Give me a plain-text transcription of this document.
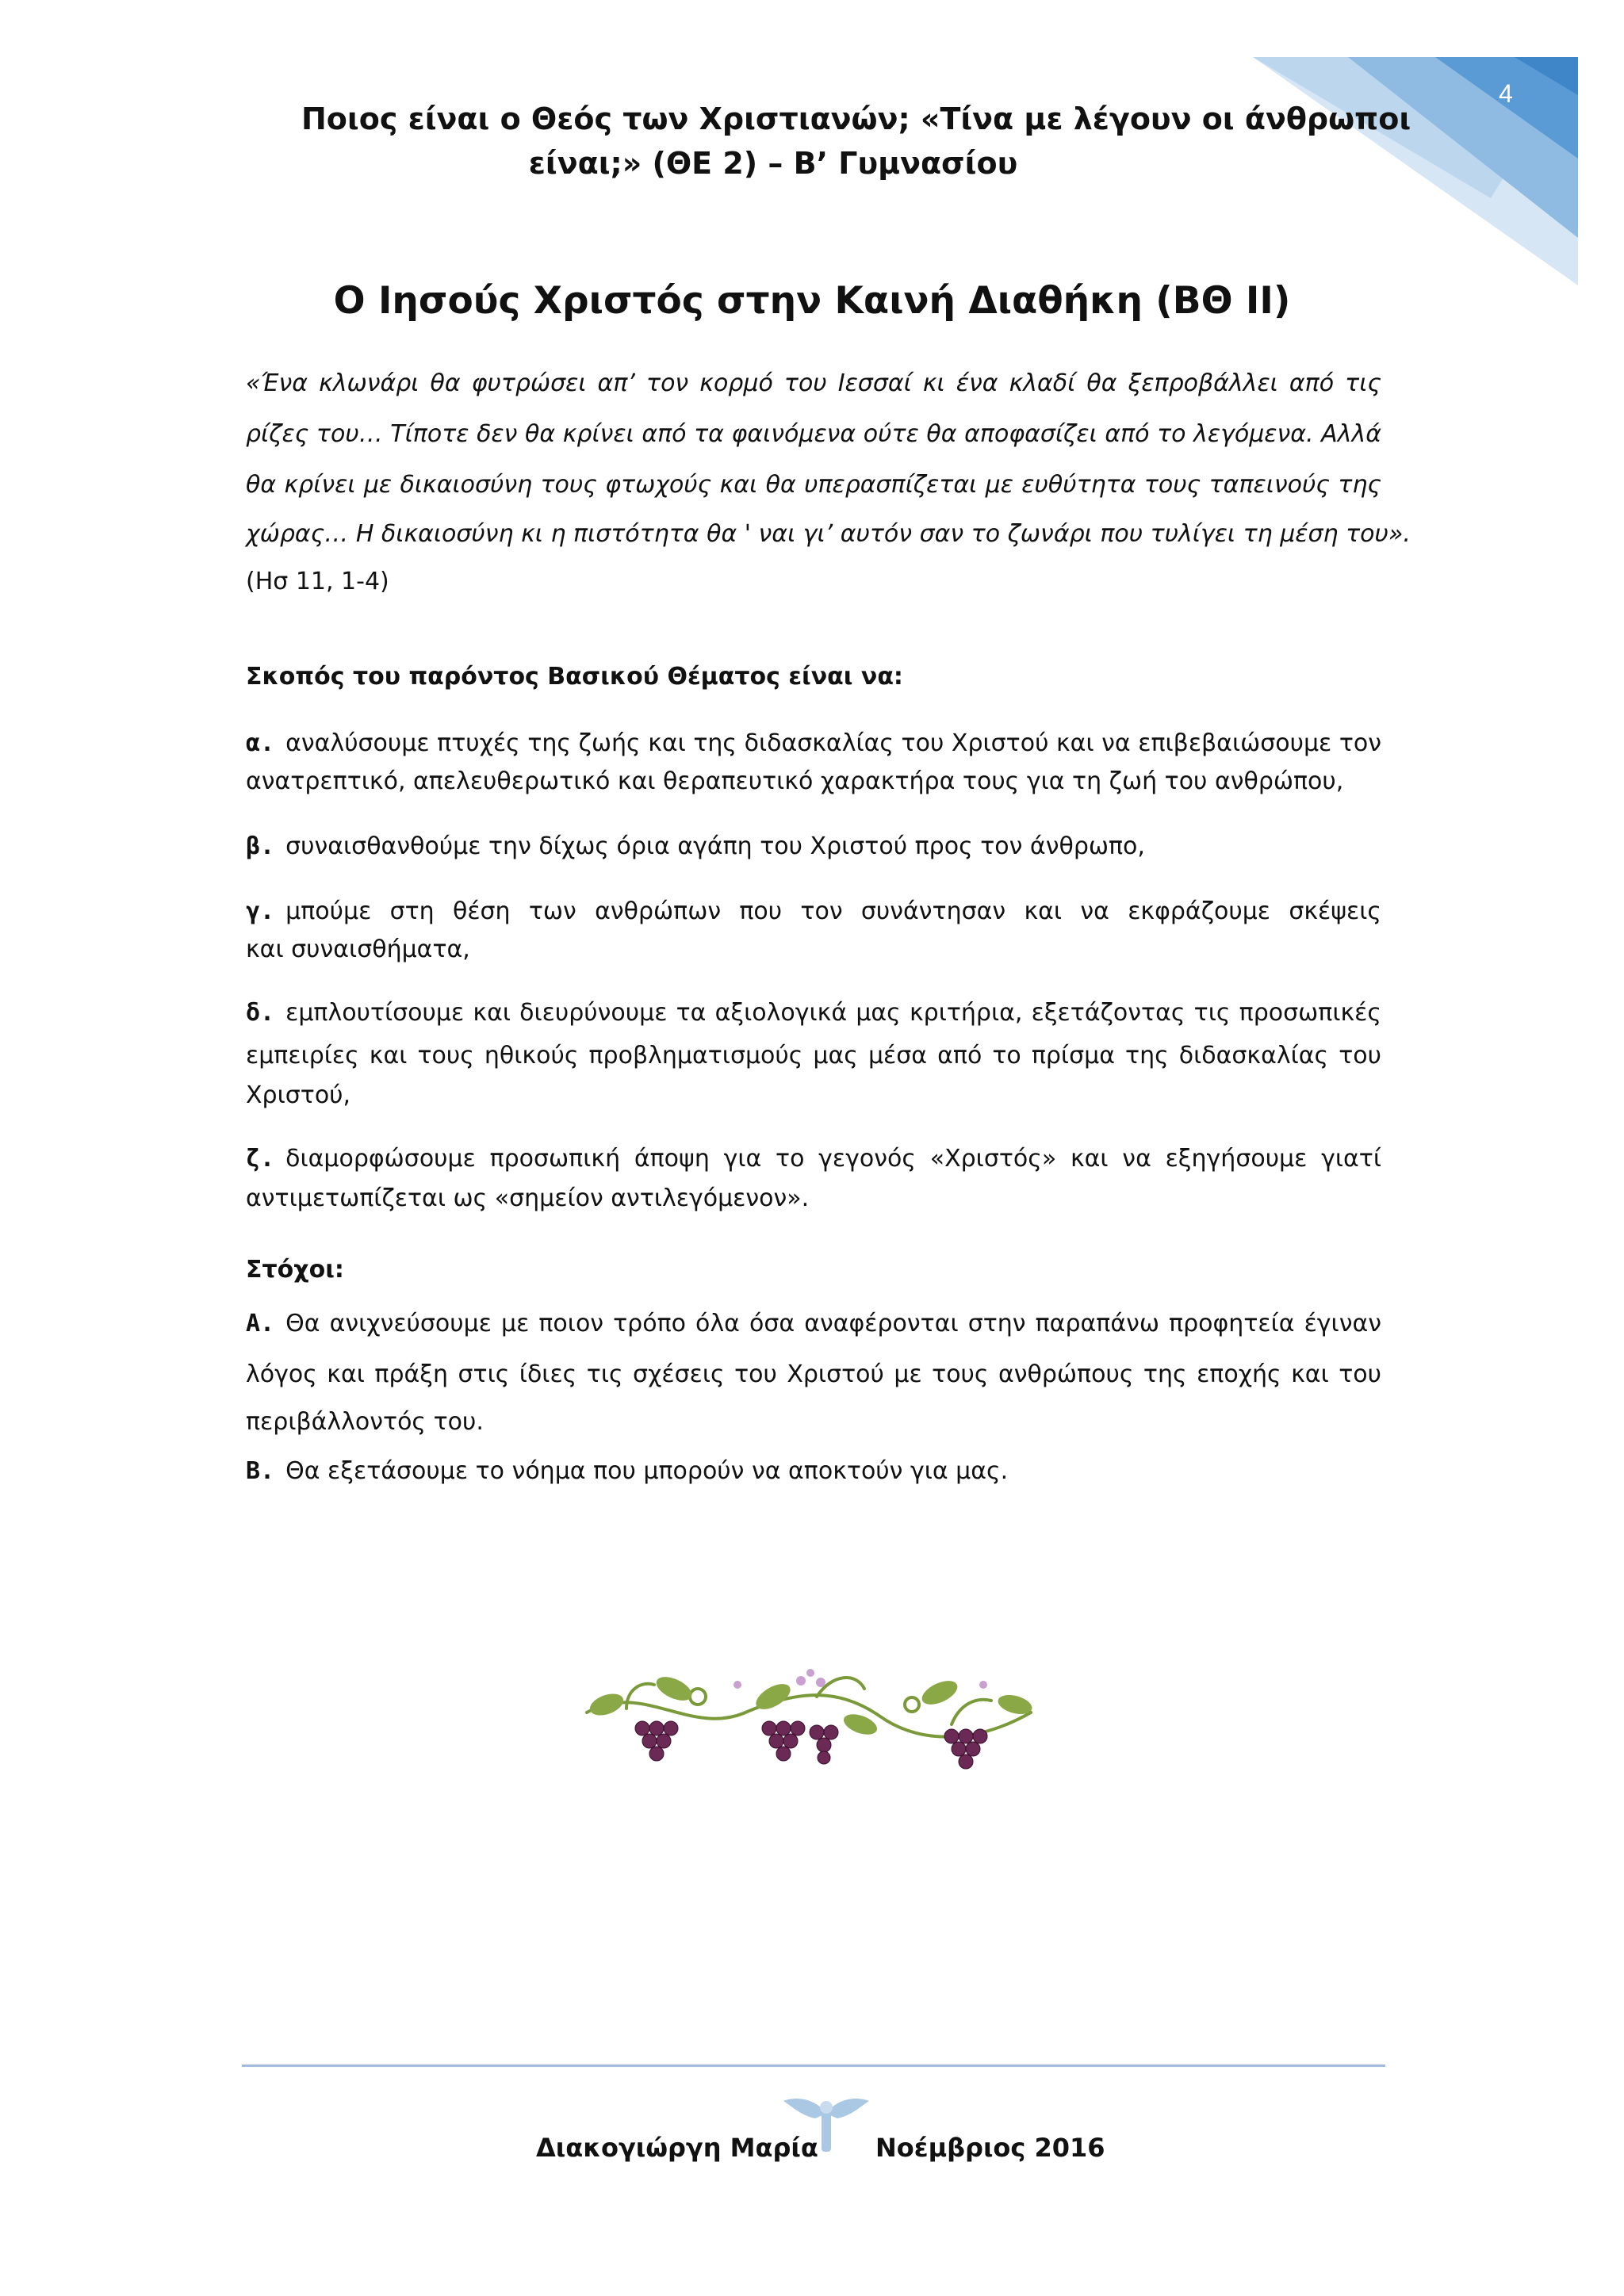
4
Ποιος είναι ο Θεός των Χριστιανών; «Τίνα με λέγουν οι άνθρωποι
είναι;» (ΘΕ 2) – Β’ Γυμνασίου
Ο Ιησούς Χριστός στην Καινή Διαθήκη (ΒΘ ΙΙ)
«Ένα κλωνάρι θα φυτρώσει απ’ τον κορμό του Ιεσσαί κι ένα κλαδί θα ξεπροβάλλει από τις
ρίζες του… Τίποτε δεν θα κρίνει από τα φαινόμενα ούτε θα αποφασίζει από το λεγόμενα. Αλλά
θα κρίνει με δικαιοσύνη τους φτωχούς και θα υπερασπίζεται με ευθύτητα τους ταπεινούς της
χώρας… Η δικαιοσύνη κι η πιστότητα θα ' ναι γι’ αυτόν σαν το ζωνάρι που τυλίγει τη μέση του».
(Ησ 11, 1-4)
Σκοπός του παρόντος Βασικού Θέματος είναι να:
α. αναλύσουμε πτυχές της ζωής και της διδασκαλίας του Χριστού και να επιβεβαιώσουμε τον
ανατρεπτικό, απελευθερωτικό και θεραπευτικό χαρακτήρα τους για τη ζωή του ανθρώπου,
β. συναισθανθούμε την δίχως όρια αγάπη του Χριστού προς τον άνθρωπο,
γ. μπούμε στη θέση των ανθρώπων που τον συνάντησαν και να εκφράζουμε σκέψεις
και συναισθήματα,
δ. εμπλουτίσουμε και διευρύνουμε τα αξιολογικά μας κριτήρια, εξετάζοντας τις προσωπικές
εμπειρίες και τους ηθικούς προβληματισμούς μας μέσα από το πρίσμα της διδασκαλίας του
Χριστού,
ζ. διαμορφώσουμε προσωπική άποψη για το γεγονός «Χριστός» και να εξηγήσουμε γιατί
αντιμετωπίζεται ως «σημείον αντιλεγόμενον».
Στόχοι:
Α. Θα ανιχνεύσουμε με ποιον τρόπο όλα όσα αναφέρονται στην παραπάνω προφητεία έγιναν
λόγος και πράξη στις ίδιες τις σχέσεις του Χριστού με τους ανθρώπους της εποχής και του
περιβάλλοντός του.
Β. Θα εξετάσουμε το νόημα που μπορούν να αποκτούν για μας.
Διακογιώργη Μαρία Νοέμβριος 2016
